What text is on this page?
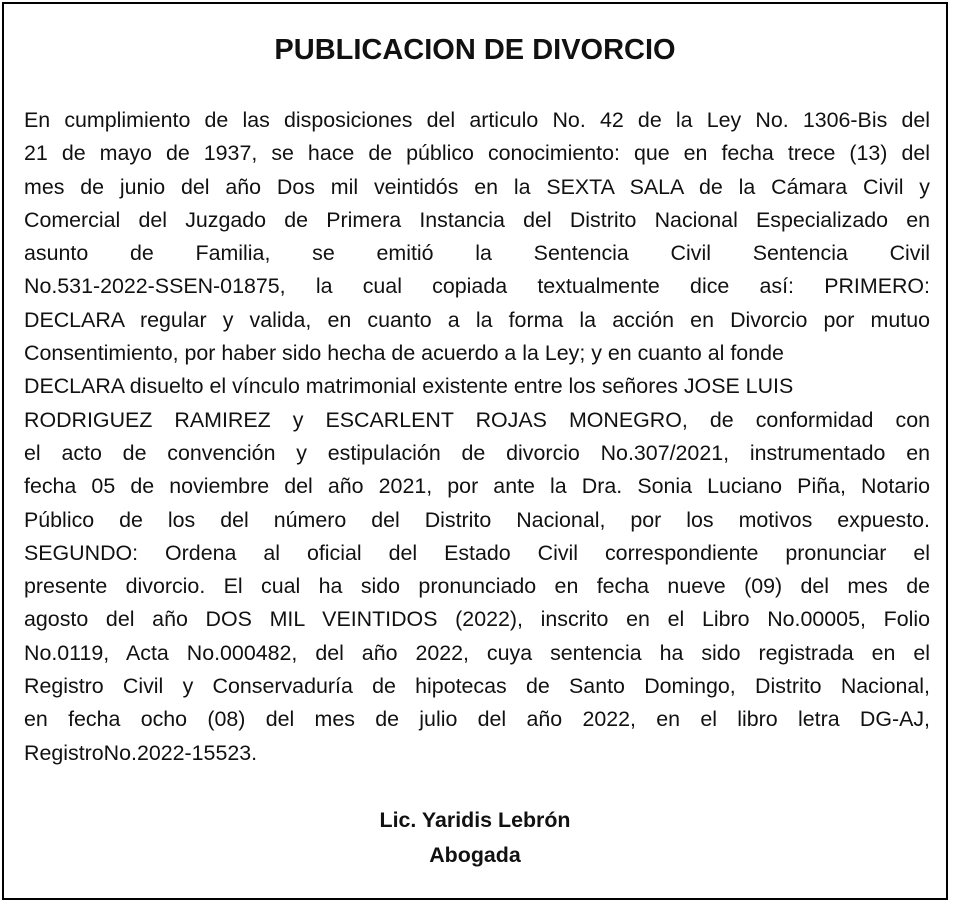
PUBLICACION DE DIVORCIO
En cumplimiento de las disposiciones del articulo No. 42 de la Ley No. 1306-Bis del
21 de mayo de 1937, se hace de público conocimiento: que en fecha trece (13) del
mes de junio del año Dos mil veintidós en la SEXTA SALA de la Cámara Civil y
Comercial del Juzgado de Primera Instancia del Distrito Nacional Especializado en
asunto de Familia, se emitió la Sentencia Civil Sentencia Civil
No.531-2022-SSEN-01875, la cual copiada textualmente dice así: PRIMERO:
DECLARA regular y valida, en cuanto a la forma la acción en Divorcio por mutuo
Consentimiento, por haber sido hecha de acuerdo a la Ley; y en cuanto al fonde
DECLARA disuelto el vínculo matrimonial existente entre los señores JOSE LUIS
RODRIGUEZ RAMIREZ y ESCARLENT ROJAS MONEGRO, de conformidad con
el acto de convención y estipulación de divorcio No.307/2021, instrumentado en
fecha 05 de noviembre del año 2021, por ante la Dra. Sonia Luciano Piña, Notario
Público de los del número del Distrito Nacional, por los motivos expuesto.
SEGUNDO: Ordena al oficial del Estado Civil correspondiente pronunciar el
presente divorcio. El cual ha sido pronunciado en fecha nueve (09) del mes de
agosto del año DOS MIL VEINTIDOS (2022), inscrito en el Libro No.00005, Folio
No.0119, Acta No.000482, del año 2022, cuya sentencia ha sido registrada en el
Registro Civil y Conservaduría de hipotecas de Santo Domingo, Distrito Nacional,
en fecha ocho (08) del mes de julio del año 2022, en el libro letra DG-AJ,
RegistroNo.2022-15523.
Lic. Yaridis Lebrón
Abogada
